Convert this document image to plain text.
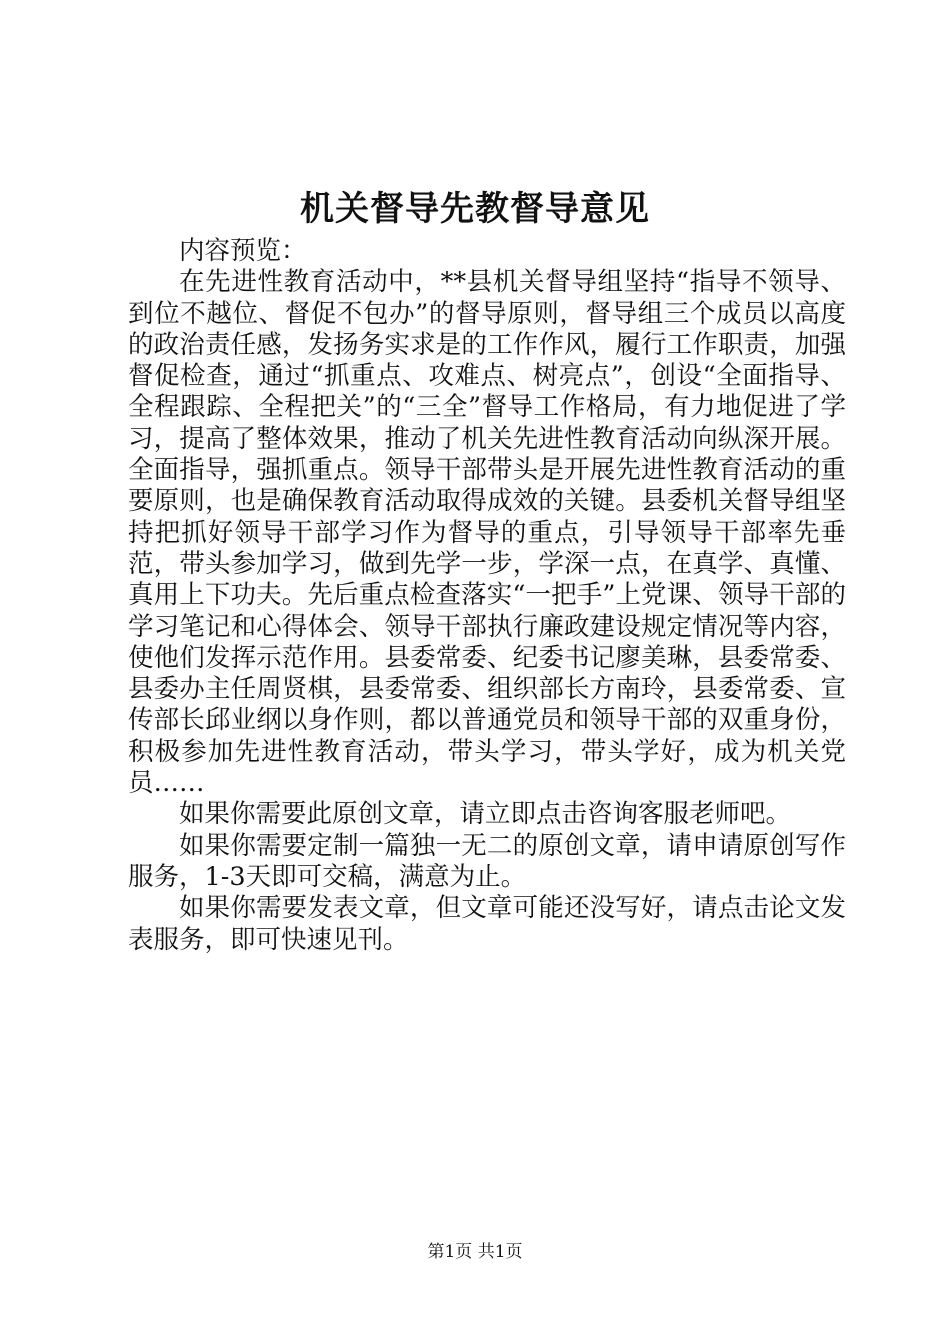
机关督导先教督导意见

内容预览：

在先进性教育活动中，**县机关督导组坚持“指导不领导、到位不越位、督促不包办”的督导原则，督导组三个成员以高度的政治责任感，发扬务实求是的工作作风，履行工作职责，加强督促检查，通过“抓重点、攻难点、树亮点”，创设“全面指导、全程跟踪、全程把关”的“三全”督导工作格局，有力地促进了学习，提高了整体效果，推动了机关先进性教育活动向纵深开展。全面指导，强抓重点。领导干部带头是开展先进性教育活动的重要原则，也是确保教育活动取得成效的关键。县委机关督导组坚持把抓好领导干部学习作为督导的重点，引导领导干部率先垂范，带头参加学习，做到先学一步，学深一点，在真学、真懂、真用上下功夫。先后重点检查落实“一把手”上党课、领导干部的学习笔记和心得体会、领导干部执行廉政建设规定情况等内容，使他们发挥示范作用。县委常委、纪委书记廖美琳，县委常委、县委办主任周贤棋，县委常委、组织部长方南玲，县委常委、宣传部长邱业纲以身作则，都以普通党员和领导干部的双重身份，积极参加先进性教育活动，带头学习，带头学好，成为机关党员……

如果你需要此原创文章，请立即点击咨询客服老师吧。

如果你需要定制一篇独一无二的原创文章，请申请原创写作服务，1-3天即可交稿，满意为止。

如果你需要发表文章，但文章可能还没写好，请点击论文发表服务，即可快速见刊。

第1页 共1页
